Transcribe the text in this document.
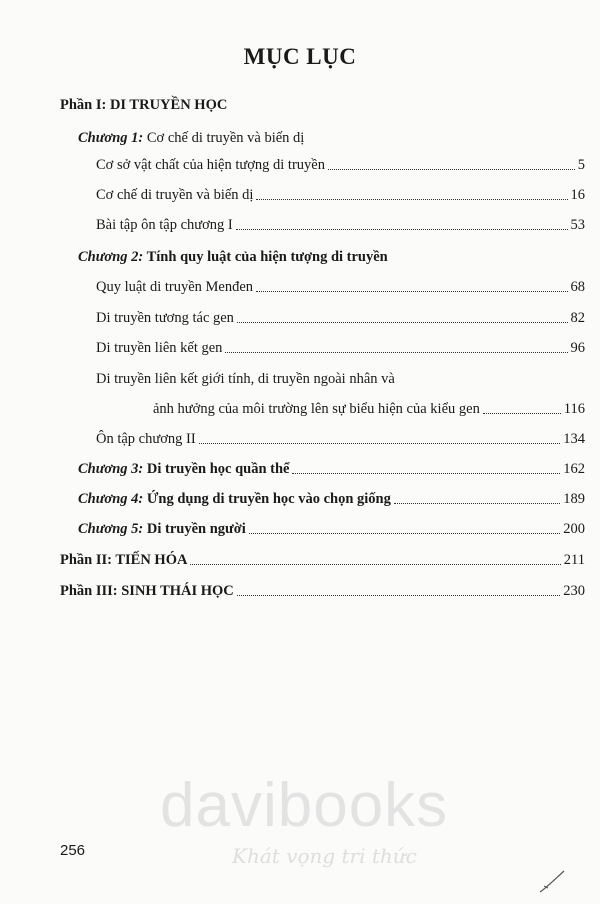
MỤC LỤC
Phần I: DI TRUYỀN HỌC
Chương 1: Cơ chế di truyền và biến dị
Cơ sở vật chất của hiện tượng di truyền	5
Cơ chế di truyền và biến dị	16
Bài tập ôn tập chương I	53
Chương 2: Tính quy luật của hiện tượng di truyền
Quy luật di truyền Menđen	68
Di truyền tương tác gen	82
Di truyền liên kết gen	96
Di truyền liên kết giới tính, di truyền ngoài nhân và
ảnh hưởng của môi trường lên sự biểu hiện của kiểu gen	116
Ôn tập chương II	134
Chương 3: Di truyền học quần thể	162
Chương 4: Ứng dụng di truyền học vào chọn giống	189
Chương 5: Di truyền người	200
Phần II: TIẾN HÓA	211
Phần III: SINH THÁI HỌC	230
davibooks
Khát vọng tri thức
256
